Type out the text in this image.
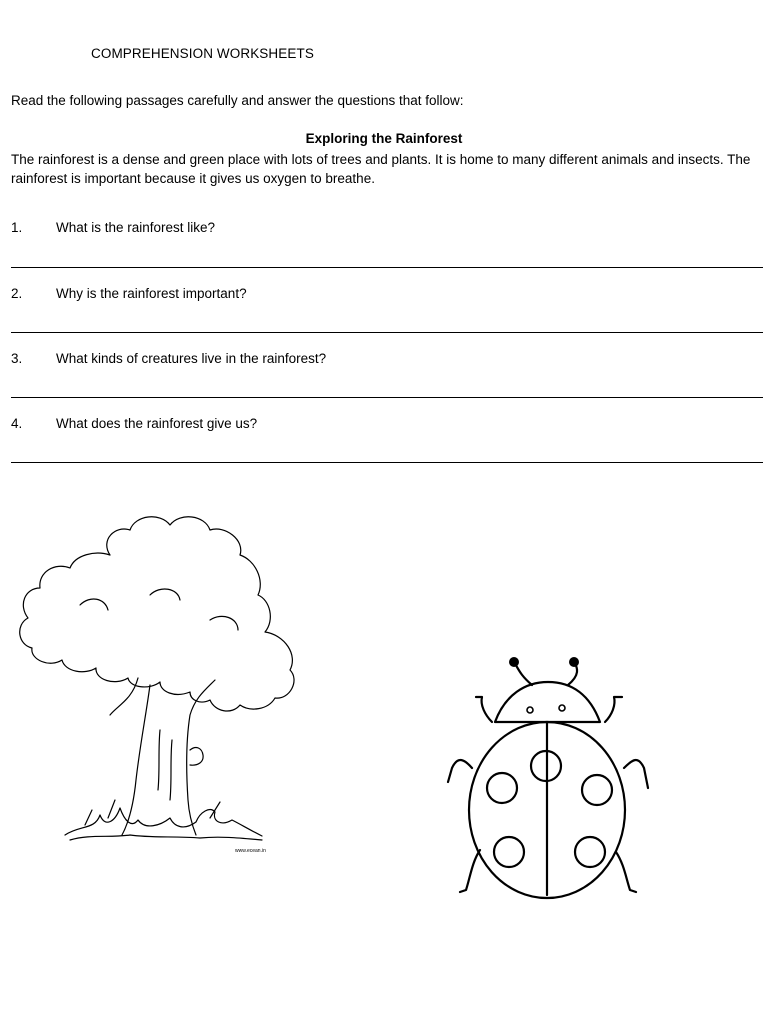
COMPREHENSION WORKSHEETS
Read the following passages carefully and answer the questions that follow:
Exploring the Rainforest
The rainforest is a dense and green place with lots of trees and plants. It is home to many different animals and insects. The rainforest is important because it gives us oxygen to breathe.
1. What is the rainforest like?
2. Why is the rainforest important?
3. What kinds of creatures live in the rainforest?
4. What does the rainforest give us?
www.ecean.in
